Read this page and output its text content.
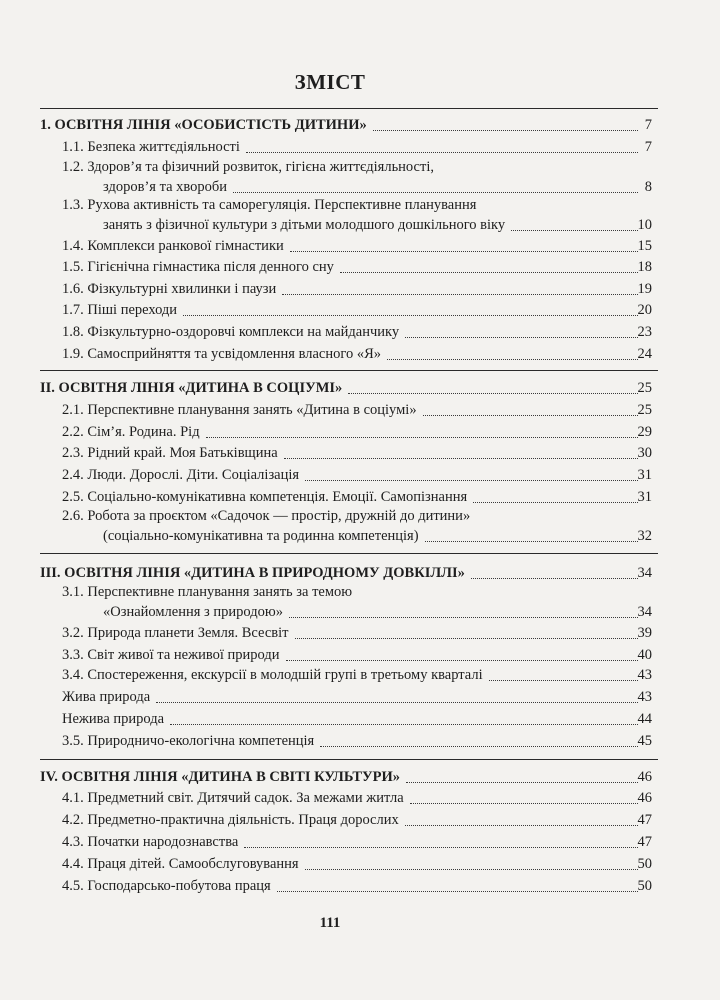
ЗМІСТ
1. ОСВІТНЯ ЛІНІЯ «ОСОБИСТІСТЬ ДИТИНИ»	7
1.1. Безпека життєдіяльності	7
1.2. Здоров’я та фізичний розвиток, гігієна життєдіяльності,
здоров’я та хвороби	8
1.3. Рухова активність та саморегуляція. Перспективне планування
занять з фізичної культури з дітьми молодшого дошкільного віку	10
1.4. Комплекси ранкової гімнастики	15
1.5. Гігієнічна гімнастика після денного сну	18
1.6. Фізкультурні хвилинки і паузи	19
1.7. Піші переходи	20
1.8. Фізкультурно-оздоровчі комплекси на майданчику	23
1.9. Самосприйняття та усвідомлення власного «Я»	24
II. ОСВІТНЯ ЛІНІЯ «ДИТИНА В СОЦІУМІ»	25
2.1. Перспективне планування занять «Дитина в соціумі»	25
2.2. Сім’я. Родина. Рід	29
2.3. Рідний край. Моя Батьківщина	30
2.4. Люди. Дорослі. Діти. Соціалізація	31
2.5. Соціально-комунікативна компетенція. Емоції. Самопізнання	31
2.6. Робота за проєктом «Садочок — простір, дружній до дитини»
(соціально-комунікативна та родинна компетенція)	32
III. ОСВІТНЯ ЛІНІЯ «ДИТИНА В ПРИРОДНОМУ ДОВКІЛЛІ»	34
3.1. Перспективне планування занять за темою
«Ознайомлення з природою»	34
3.2. Природа планети Земля. Всесвіт	39
3.3. Світ живої та неживої природи	40
3.4. Спостереження, екскурсії в молодшій групі в третьому кварталі	43
Жива природа	43
Нежива природа	44
3.5. Природничо-екологічна компетенція	45
IV. ОСВІТНЯ ЛІНІЯ «ДИТИНА В СВІТІ КУЛЬТУРИ»	46
4.1. Предметний світ. Дитячий садок. За межами житла	46
4.2. Предметно-практична діяльність. Праця дорослих	47
4.3. Початки народознавства	47
4.4. Праця дітей. Самообслуговування	50
4.5. Господарсько-побутова праця	50
111
